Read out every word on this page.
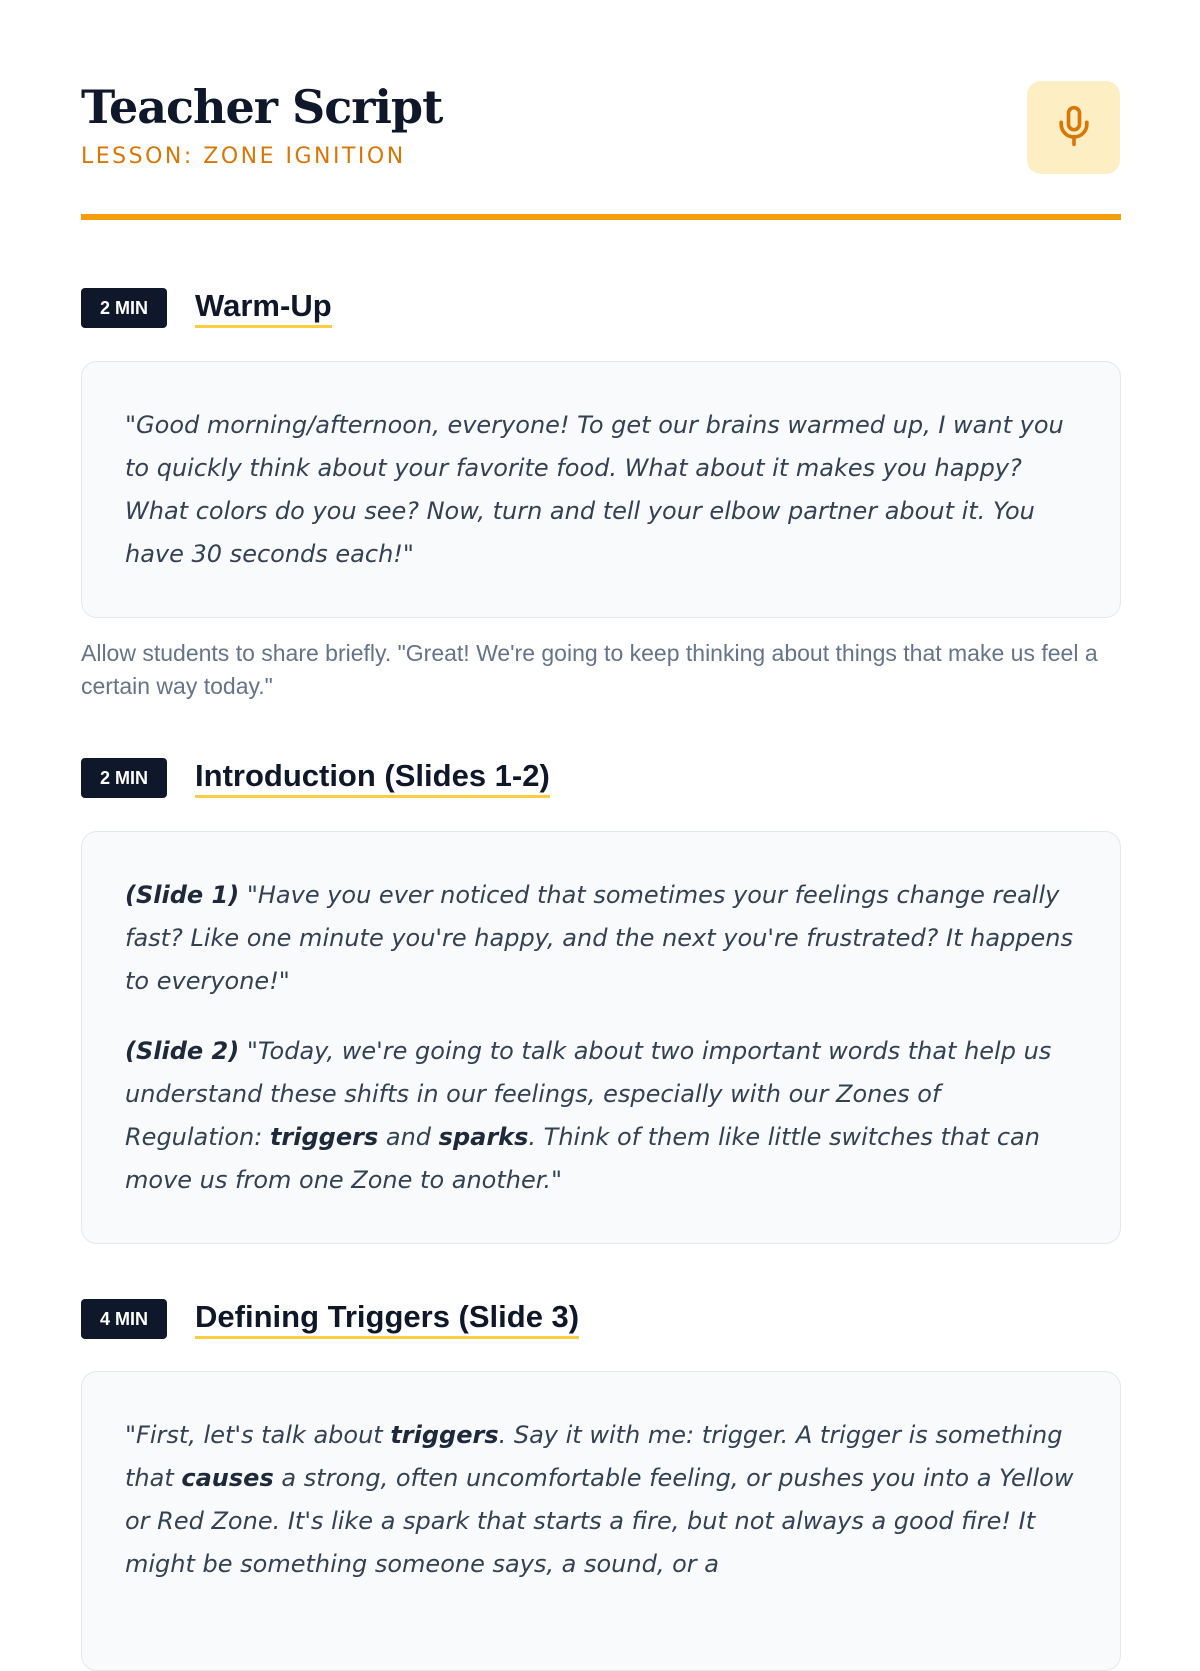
Teacher Script
LESSON: ZONE IGNITION
2 MIN	Warm-Up

"Good morning/afternoon, everyone! To get our brains warmed up, I want you to quickly think about your favorite food. What about it makes you happy? What colors do you see? Now, turn and tell your elbow partner about it. You have 30 seconds each!"

Allow students to share briefly. "Great! We're going to keep thinking about things that make us feel a certain way today."

2 MIN	Introduction (Slides 1-2)

(Slide 1) "Have you ever noticed that sometimes your feelings change really fast? Like one minute you're happy, and the next you're frustrated? It happens to everyone!"

(Slide 2) "Today, we're going to talk about two important words that help us understand these shifts in our feelings, especially with our Zones of Regulation: triggers and sparks. Think of them like little switches that can move us from one Zone to another."

4 MIN	Defining Triggers (Slide 3)

"First, let's talk about triggers. Say it with me: trigger. A trigger is something that causes a strong, often uncomfortable feeling, or pushes you into a Yellow or Red Zone. It's like a spark that starts a fire, but not always a good fire! It might be something someone says, a sound, or a
